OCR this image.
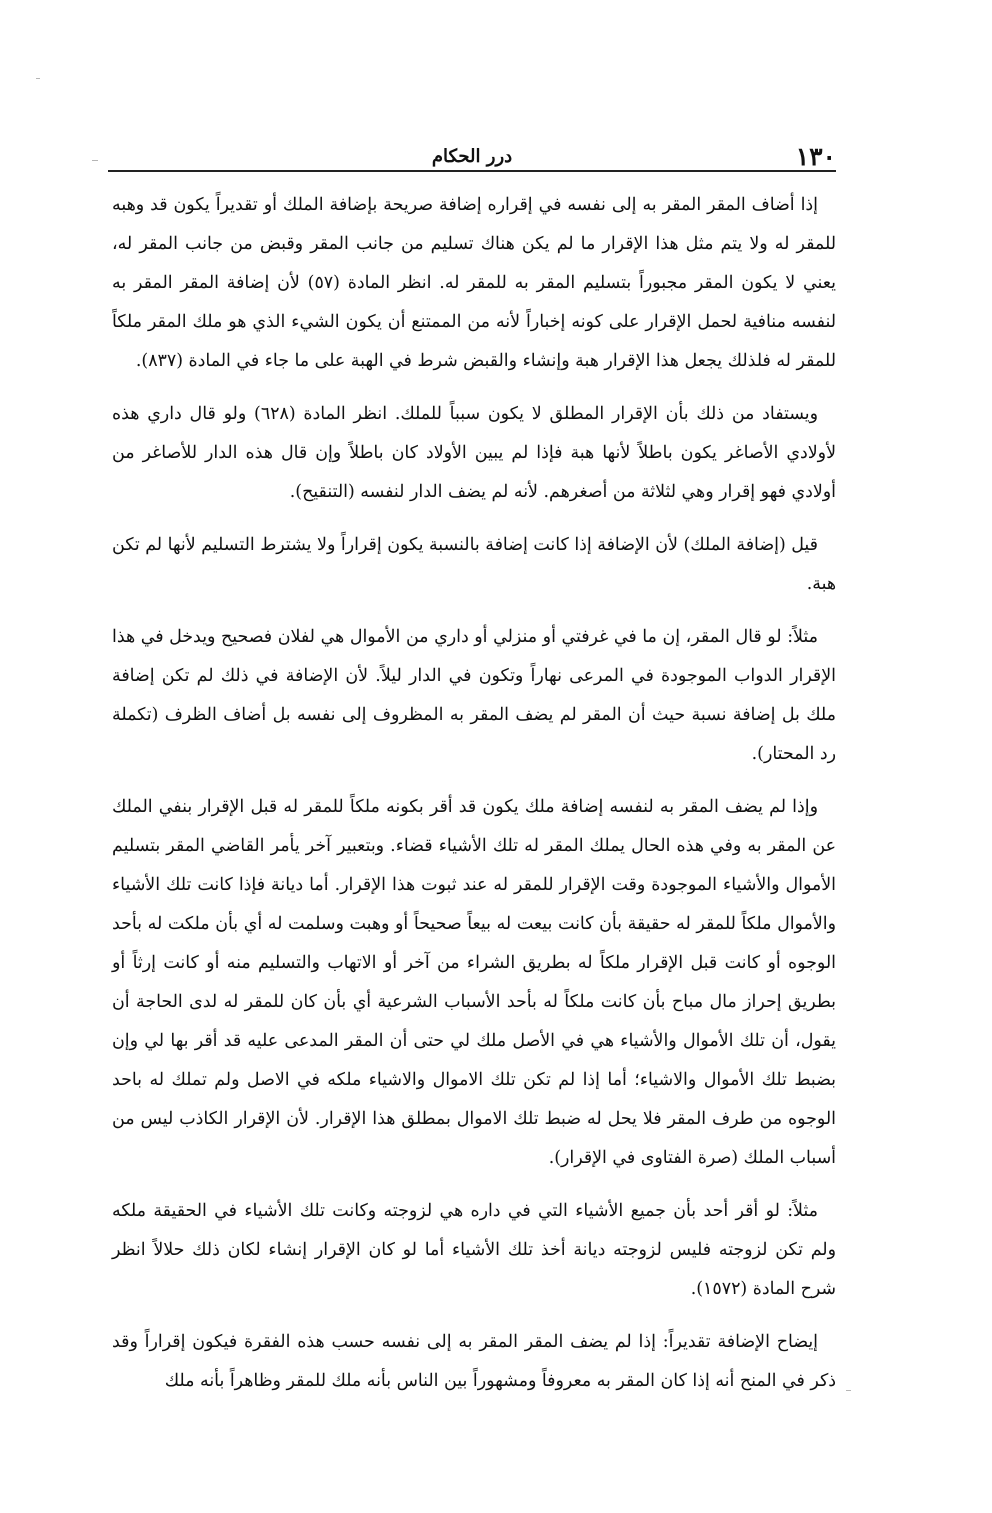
١٣٠
درر الحكام

إذا أضاف المقر المقر به إلى نفسه في إقراره إضافة صريحة بإضافة الملك أو تقديراً يكون قد وهبه للمقر له ولا يتم مثل هذا الإقرار ما لم يكن هناك تسليم من جانب المقر وقبض من جانب المقر له، يعني لا يكون المقر مجبوراً بتسليم المقر به للمقر له. انظر المادة (٥٧) لأن إضافة المقر المقر به لنفسه منافية لحمل الإقرار على كونه إخباراً لأنه من الممتنع أن يكون الشيء الذي هو ملك المقر ملكاً للمقر له فلذلك يجعل هذا الإقرار هبة وإنشاء والقبض شرط في الهبة على ما جاء في المادة (٨٣٧).

ويستفاد من ذلك بأن الإقرار المطلق لا يكون سبباً للملك. انظر المادة (٦٢٨) ولو قال داري هذه لأولادي الأصاغر يكون باطلاً لأنها هبة فإذا لم يبين الأولاد كان باطلاً وإن قال هذه الدار للأصاغر من أولادي فهو إقرار وهي لثلاثة من أصغرهم. لأنه لم يضف الدار لنفسه (التنقيح).

قيل (إضافة الملك) لأن الإضافة إذا كانت إضافة بالنسبة يكون إقراراً ولا يشترط التسليم لأنها لم تكن هبة.

مثلاً: لو قال المقر، إن ما في غرفتي أو منزلي أو داري من الأموال هي لفلان فصحيح ويدخل في هذا الإقرار الدواب الموجودة في المرعى نهاراً وتكون في الدار ليلاً. لأن الإضافة في ذلك لم تكن إضافة ملك بل إضافة نسبة حيث أن المقر لم يضف المقر به المظروف إلى نفسه بل أضاف الظرف (تكملة رد المحتار).

وإذا لم يضف المقر به لنفسه إضافة ملك يكون قد أقر بكونه ملكاً للمقر له قبل الإقرار بنفي الملك عن المقر به وفي هذه الحال يملك المقر له تلك الأشياء قضاء. وبتعبير آخر يأمر القاضي المقر بتسليم الأموال والأشياء الموجودة وقت الإقرار للمقر له عند ثبوت هذا الإقرار. أما ديانة فإذا كانت تلك الأشياء والأموال ملكاً للمقر له حقيقة بأن كانت بيعت له بيعاً صحيحاً أو وهبت وسلمت له أي بأن ملكت له بأحد الوجوه أو كانت قبل الإقرار ملكاً له بطريق الشراء من آخر أو الاتهاب والتسليم منه أو كانت إرثاً أو بطريق إحراز مال مباح بأن كانت ملكاً له بأحد الأسباب الشرعية أي بأن كان للمقر له لدى الحاجة أن يقول، أن تلك الأموال والأشياء هي في الأصل ملك لي حتى أن المقر المدعى عليه قد أقر بها لي وإن بضبط تلك الأموال والاشياء؛ أما إذا لم تكن تلك الاموال والاشياء ملكه في الاصل ولم تملك له باحد الوجوه من طرف المقر فلا يحل له ضبط تلك الاموال بمطلق هذا الإقرار. لأن الإقرار الكاذب ليس من أسباب الملك (صرة الفتاوى في الإقرار).

مثلاً: لو أقر أحد بأن جميع الأشياء التي في داره هي لزوجته وكانت تلك الأشياء في الحقيقة ملكه ولم تكن لزوجته فليس لزوجته ديانة أخذ تلك الأشياء أما لو كان الإقرار إنشاء لكان ذلك حلالاً انظر شرح المادة (١٥٧٢).

إيضاح الإضافة تقديراً: إذا لم يضف المقر المقر به إلى نفسه حسب هذه الفقرة فيكون إقراراً وقد ذكر في المنح أنه إذا كان المقر به معروفاً ومشهوراً بين الناس بأنه ملك للمقر وظاهراً بأنه ملك
